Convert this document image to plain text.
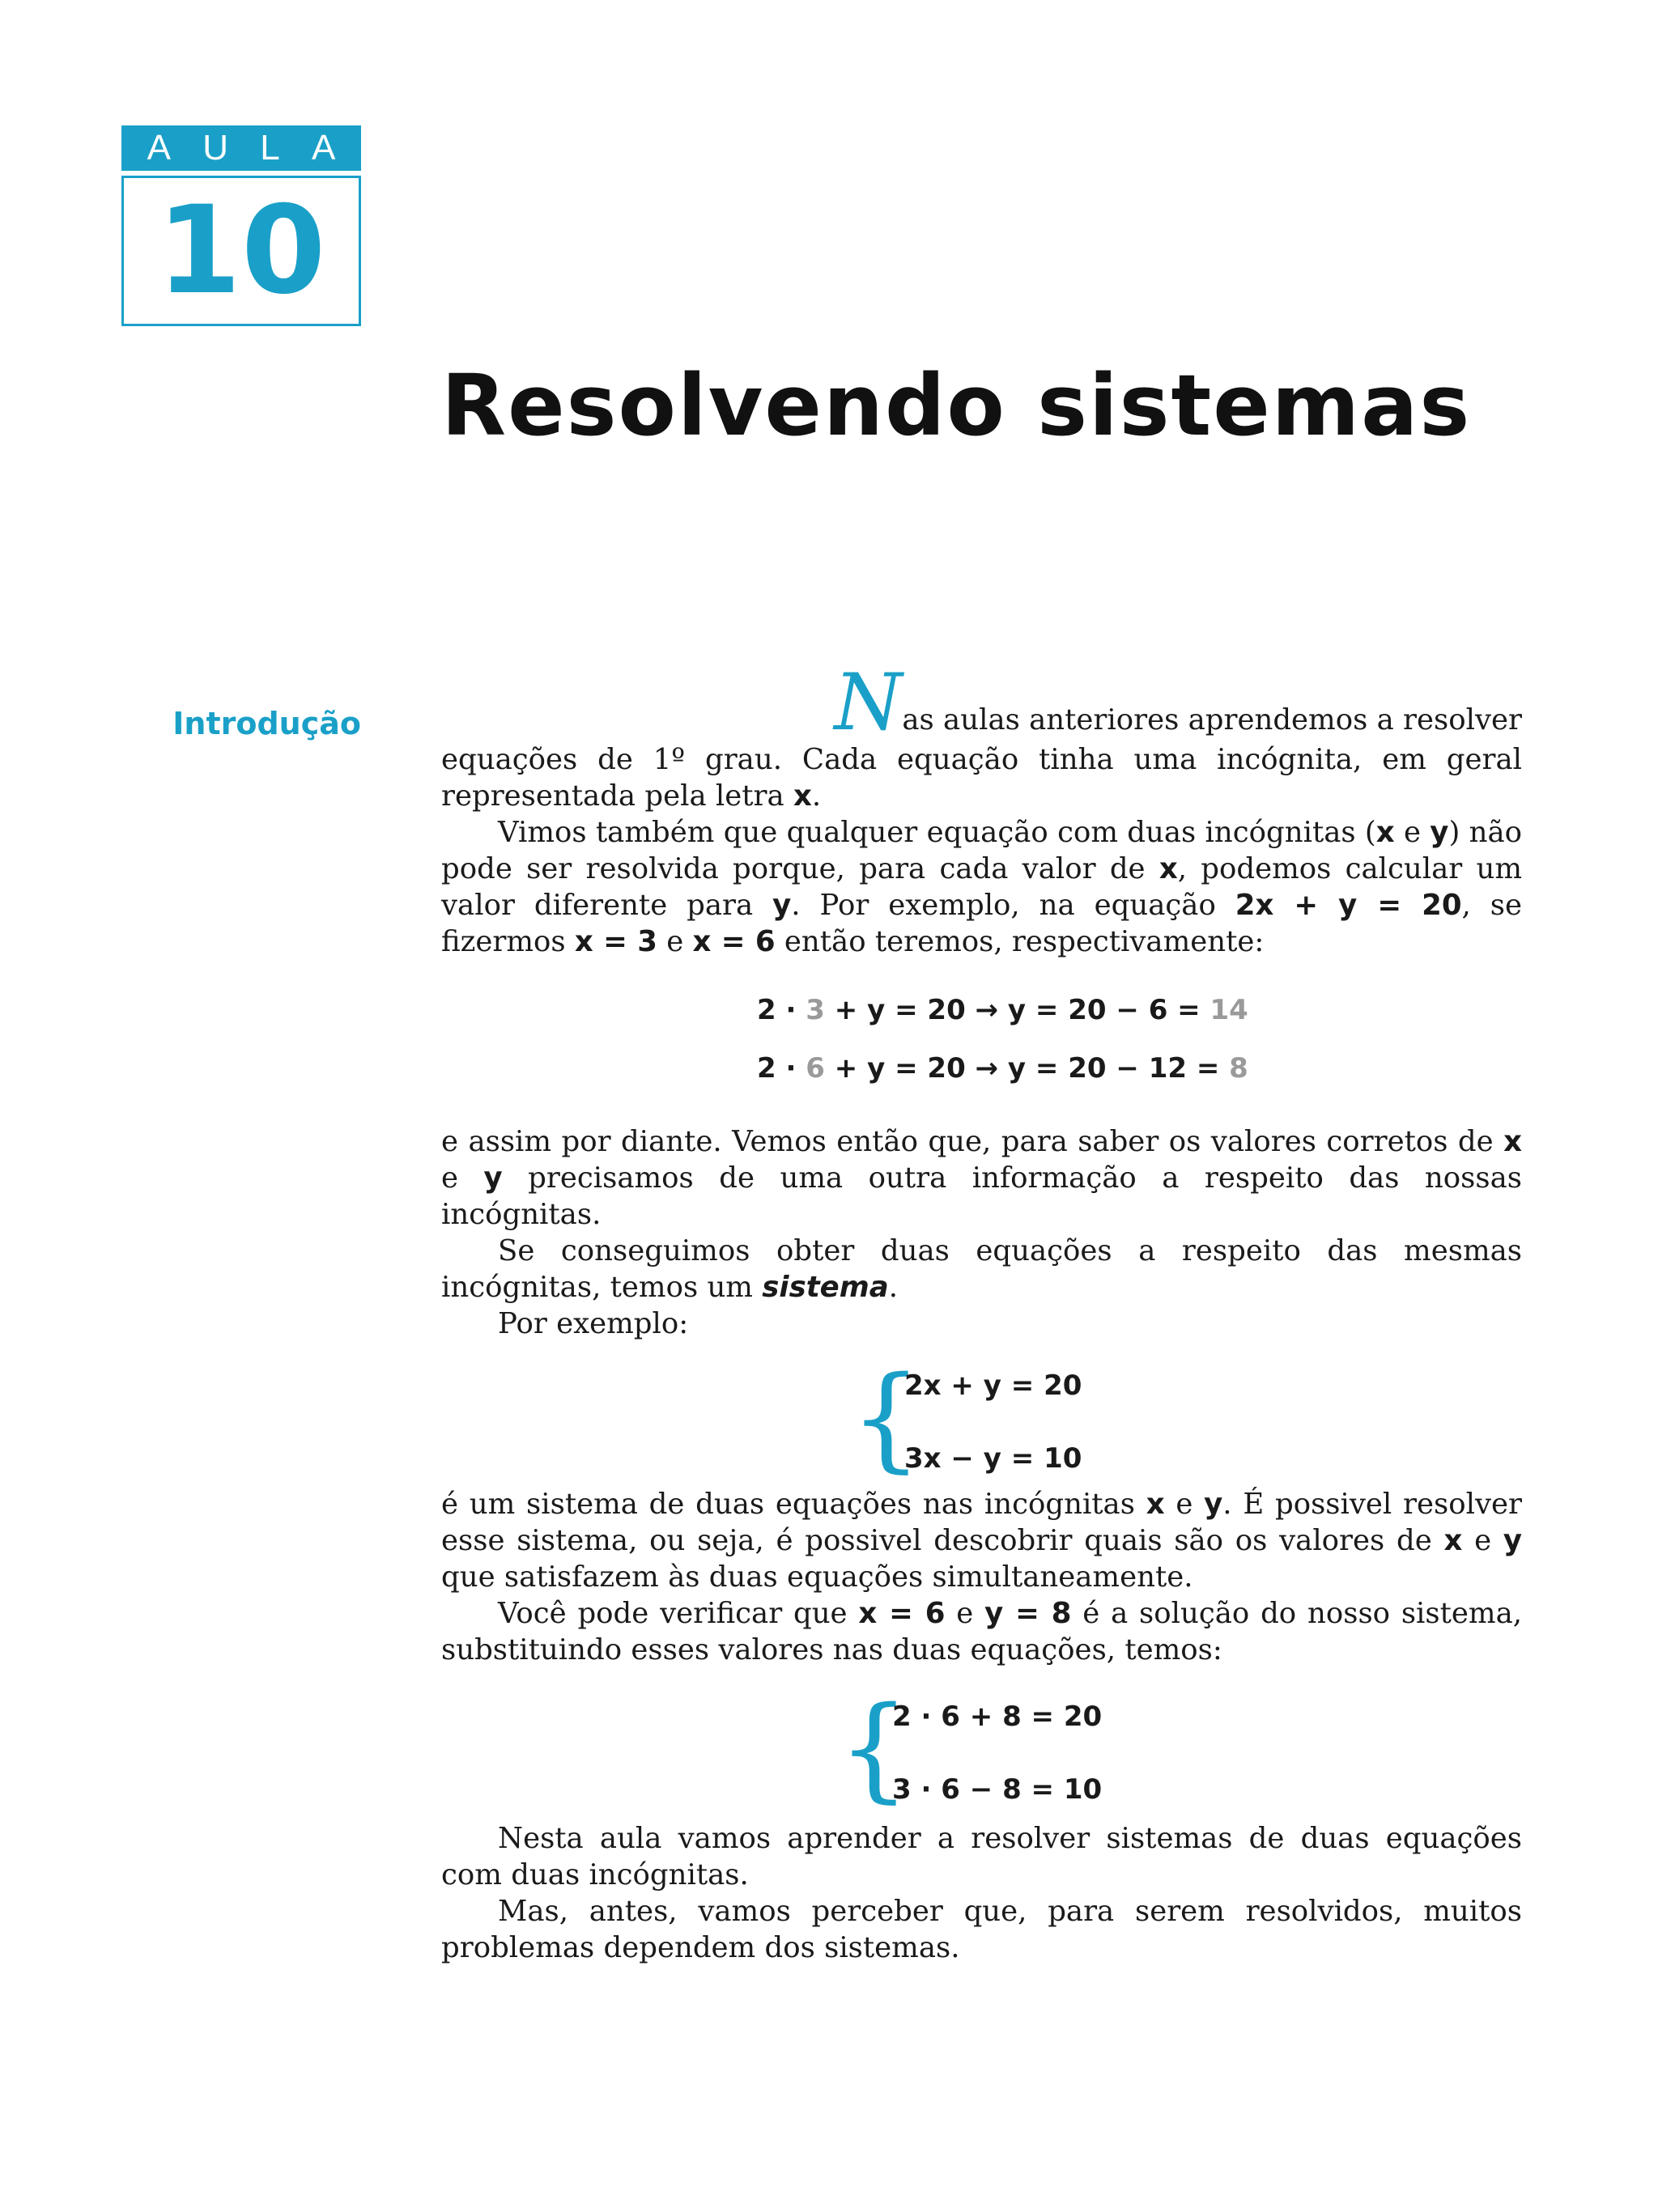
A U L A
10
Resolvendo sistemas
Introdução	Nas aulas anteriores aprendemos a resolver
equações de 1º grau. Cada equação tinha uma incógnita, em geral representada pela letra x.

Vimos também que qualquer equação com duas incógnitas (x e y) não pode ser resolvida porque, para cada valor de x, podemos calcular um valor diferente para y. Por exemplo, na equação 2x + y = 20, se fizermos x = 3 e x = 6 então teremos, respectivamente:

2 · 3 + y = 20 → y = 20 − 6 = 14
2 · 6 + y = 20 → y = 20 − 12 = 8

e assim por diante. Vemos então que, para saber os valores corretos de x e y precisamos de uma outra informação a respeito das nossas incógnitas.

Se conseguimos obter duas equações a respeito das mesmas incógnitas, temos um sistema.

Por exemplo:

{
2x + y = 20
3x − y = 10

é um sistema de duas equações nas incógnitas x e y. É possivel resolver esse sistema, ou seja, é possivel descobrir quais são os valores de x e y que satisfazem às duas equações simultaneamente.

Você pode verificar que x = 6 e y = 8 é a solução do nosso sistema, substituindo esses valores nas duas equações, temos:

{
2 · 6 + 8 = 20
3 · 6 − 8 = 10

Nesta aula vamos aprender a resolver sistemas de duas equações com duas incógnitas.

Mas, antes, vamos perceber que, para serem resolvidos, muitos problemas dependem dos sistemas.
